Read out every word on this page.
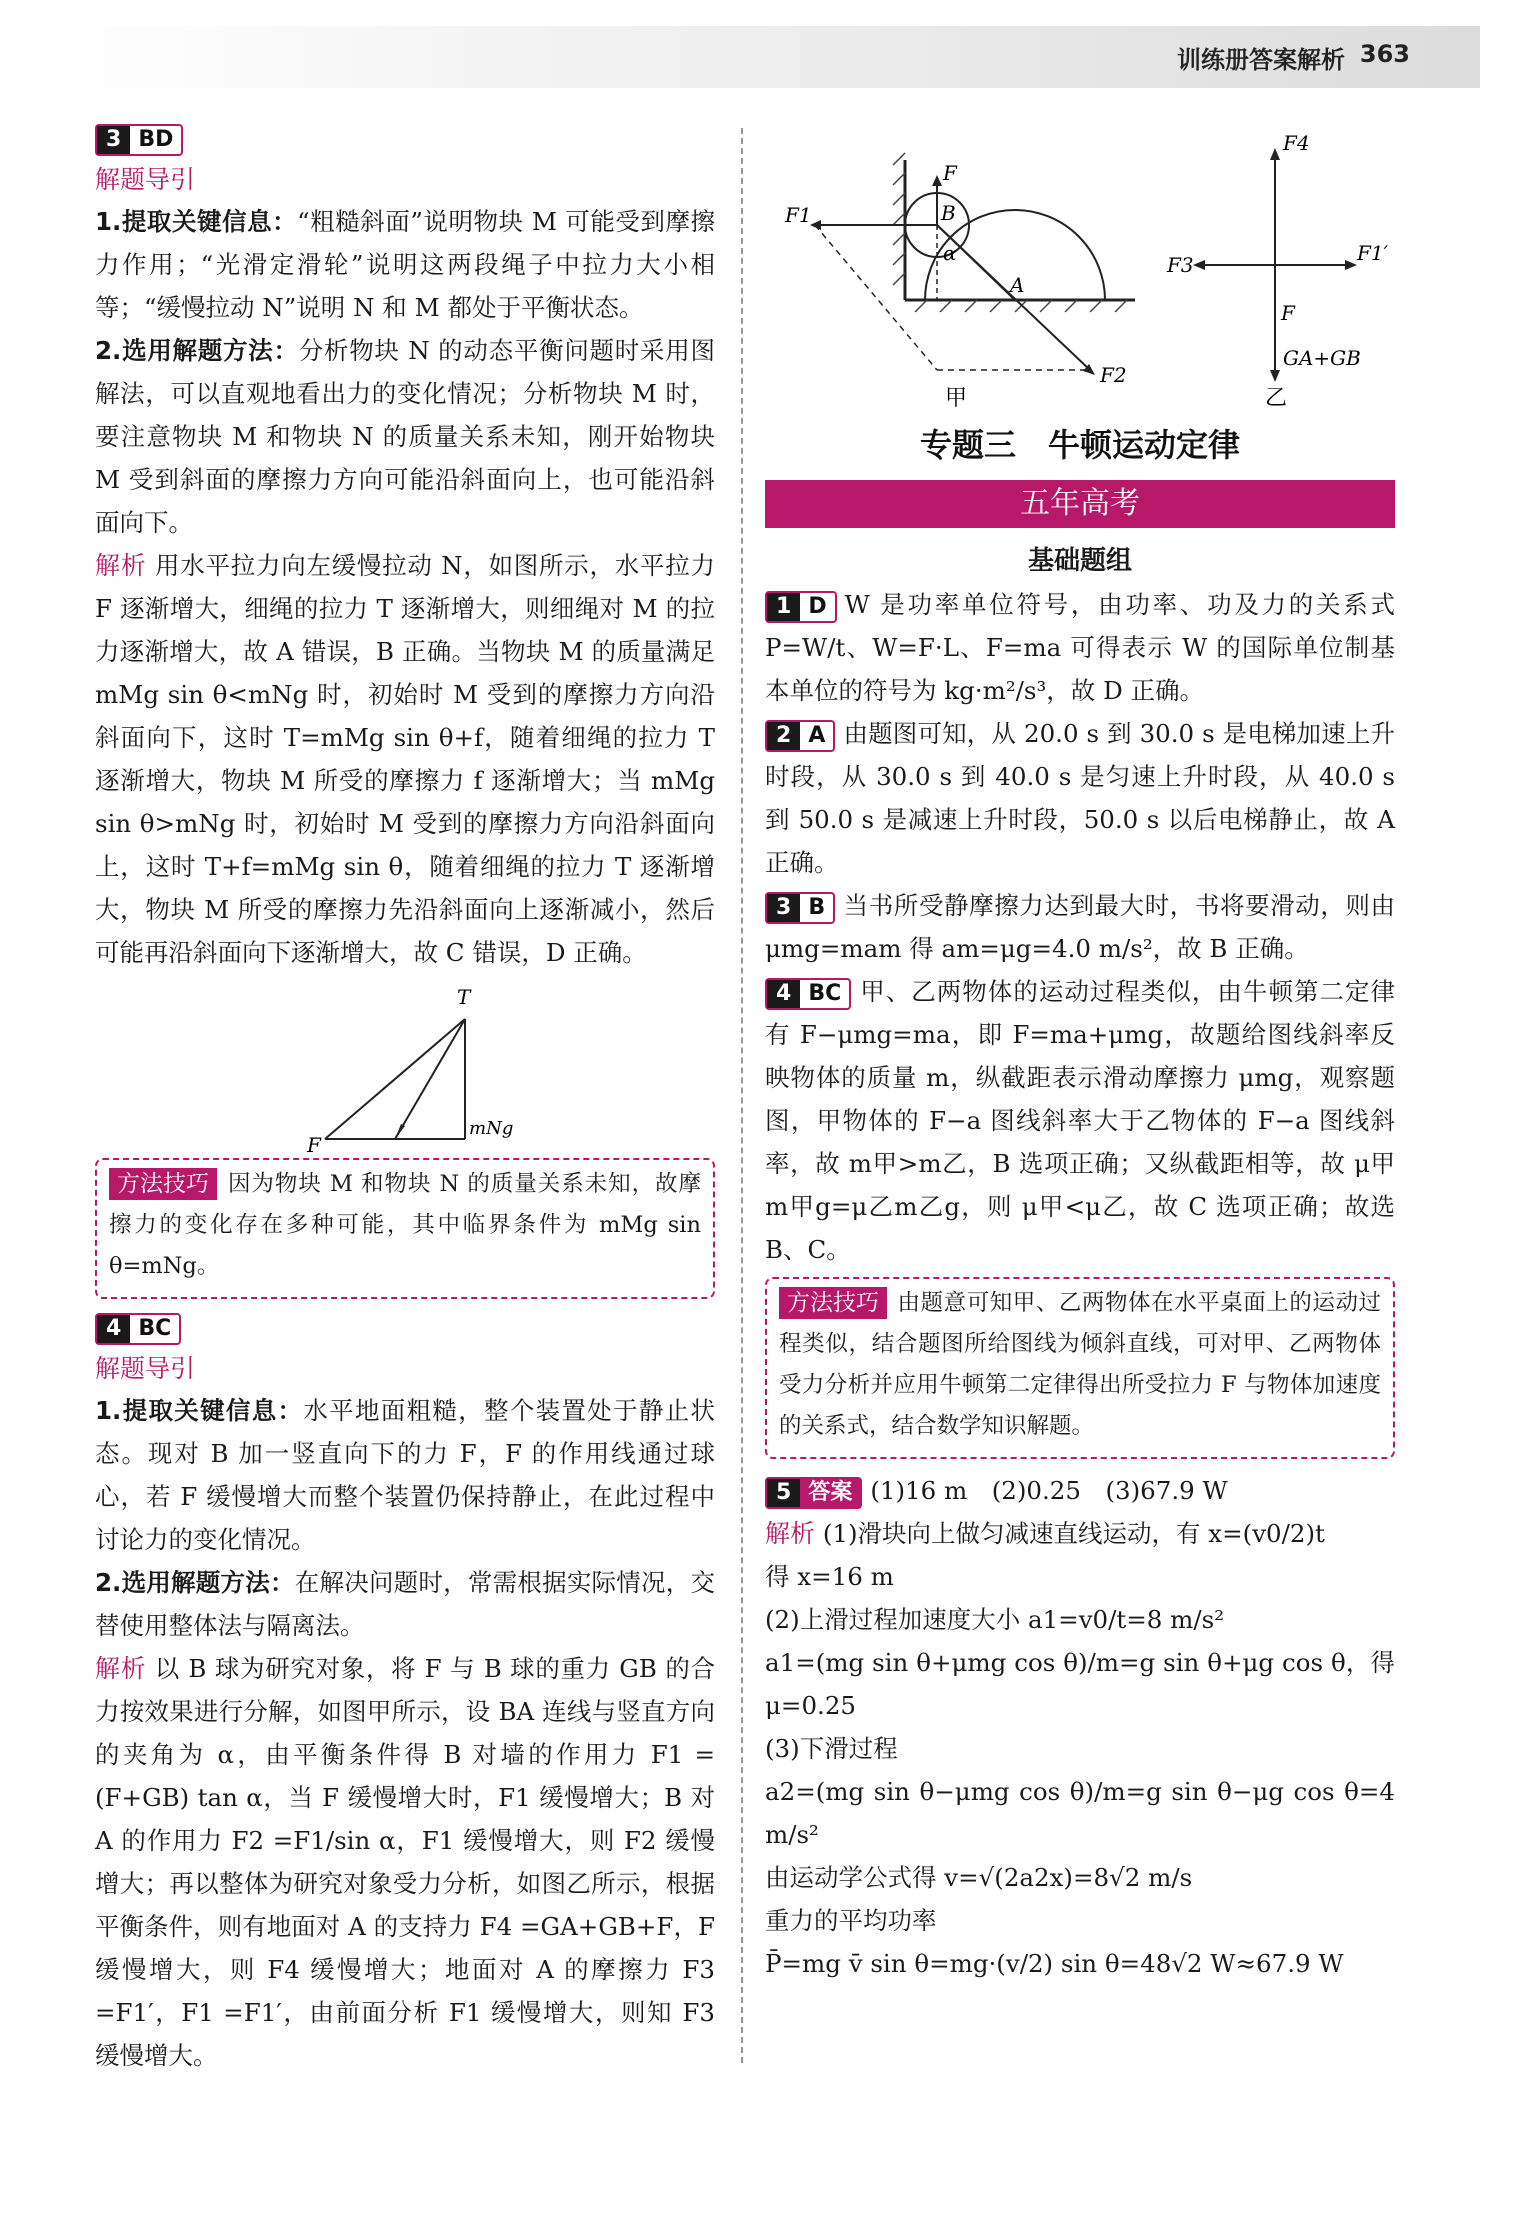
训练册答案解析 363
3 BD
解题导引

1.提取关键信息：“粗糙斜面”说明物块 M 可能受到摩擦力作用；“光滑定滑轮”说明这两段绳子中拉力大小相等；“缓慢拉动 N”说明 N 和 M 都处于平衡状态。

2.选用解题方法：分析物块 N 的动态平衡问题时采用图解法，可以直观地看出力的变化情况；分析物块 M 时，要注意物块 M 和物块 N 的质量关系未知，刚开始物块 M 受到斜面的摩擦力方向可能沿斜面向上，也可能沿斜面向下。

解析 用水平拉力向左缓慢拉动 N，如图所示，水平拉力 F 逐渐增大，细绳的拉力 T 逐渐增大，则细绳对 M 的拉力逐渐增大，故 A 错误，B 正确。当物块 M 的质量满足 mMg sin θ<mNg 时，初始时 M 受到的摩擦力方向沿斜面向下，这时 T=mMg sin θ+f，随着细绳的拉力 T 逐渐增大，物块 M 所受的摩擦力 f 逐渐增大；当 mMg sin θ>mNg 时，初始时 M 受到的摩擦力方向沿斜面向上，这时 T+f=mMg sin θ，随着细绳的拉力 T 逐渐增大，物块 M 所受的摩擦力先沿斜面向上逐渐减小，然后可能再沿斜面向下逐渐增大，故 C 错误，D 正确。

T
F
mNg

方法技巧 因为物块 M 和物块 N 的质量关系未知，故摩擦力的变化存在多种可能，其中临界条件为 mMg sin θ=mNg。

4 BC
解题导引

1.提取关键信息：水平地面粗糙，整个装置处于静止状态。现对 B 加一竖直向下的力 F，F 的作用线通过球心，若 F 缓慢增大而整个装置仍保持静止，在此过程中讨论力的变化情况。

2.选用解题方法：在解决问题时，常需根据实际情况，交替使用整体法与隔离法。

解析 以 B 球为研究对象，将 F 与 B 球的重力 GB 的合力按效果进行分解，如图甲所示，设 BA 连线与竖直方向的夹角为 α，由平衡条件得 B 对墙的作用力 F1 =(F+GB) tan α，当 F 缓慢增大时，F1 缓慢增大；B 对 A 的作用力 F2 =F1/sin α，F1 缓慢增大，则 F2 缓慢增大；再以整体为研究对象受力分析，如图乙所示，根据平衡条件，则有地面对 A 的支持力 F4 =GA+GB+F，F 缓慢增大，则 F4 缓慢增大；地面对 A 的摩擦力 F3 =F1′，F1 =F1′，由前面分析 F1 缓慢增大，则知 F3 缓慢增大。

F
F1
F2
B
α
A
甲
F4
F3	F1′
F
GA+GB
乙
专题三　牛顿运动定律
五年高考
基础题组

1 D W 是功率单位符号，由功率、功及力的关系式 P=W/t、W=F·L、F=ma 可得表示 W 的国际单位制基本单位的符号为 kg·m²/s³，故 D 正确。

2 A 由题图可知，从 20.0 s 到 30.0 s 是电梯加速上升时段，从 30.0 s 到 40.0 s 是匀速上升时段，从 40.0 s 到 50.0 s 是减速上升时段，50.0 s 以后电梯静止，故 A 正确。

3 B 当书所受静摩擦力达到最大时，书将要滑动，则由 μmg=mam 得 am=μg=4.0 m/s²，故 B 正确。

4 BC 甲、乙两物体的运动过程类似，由牛顿第二定律有 F−μmg=ma，即 F=ma+μmg，故题给图线斜率反映物体的质量 m，纵截距表示滑动摩擦力 μmg，观察题图，甲物体的 F−a 图线斜率大于乙物体的 F−a 图线斜率，故 m甲>m乙，B 选项正确；又纵截距相等，故 μ甲m甲g=μ乙m乙g，则 μ甲<μ乙，故 C 选项正确；故选 B、C。

方法技巧 由题意可知甲、乙两物体在水平桌面上的运动过程类似，结合题图所给图线为倾斜直线，可对甲、乙两物体受力分析并应用牛顿第二定律得出所受拉力 F 与物体加速度的关系式，结合数学知识解题。

5 答案 (1)16 m　(2)0.25　(3)67.9 W

解析 (1)滑块向上做匀减速直线运动，有 x=(v0/2)t

得 x=16 m

(2)上滑过程加速度大小 a1=v0/t=8 m/s²

a1=(mg sin θ+μmg cos θ)/m=g sin θ+μg cos θ，得 μ=0.25

(3)下滑过程

a2=(mg sin θ−μmg cos θ)/m=g sin θ−μg cos θ=4 m/s²

由运动学公式得 v=√(2a2x)=8√2 m/s

重力的平均功率

P̄=mg v̄ sin θ=mg·(v/2) sin θ=48√2 W≈67.9 W
